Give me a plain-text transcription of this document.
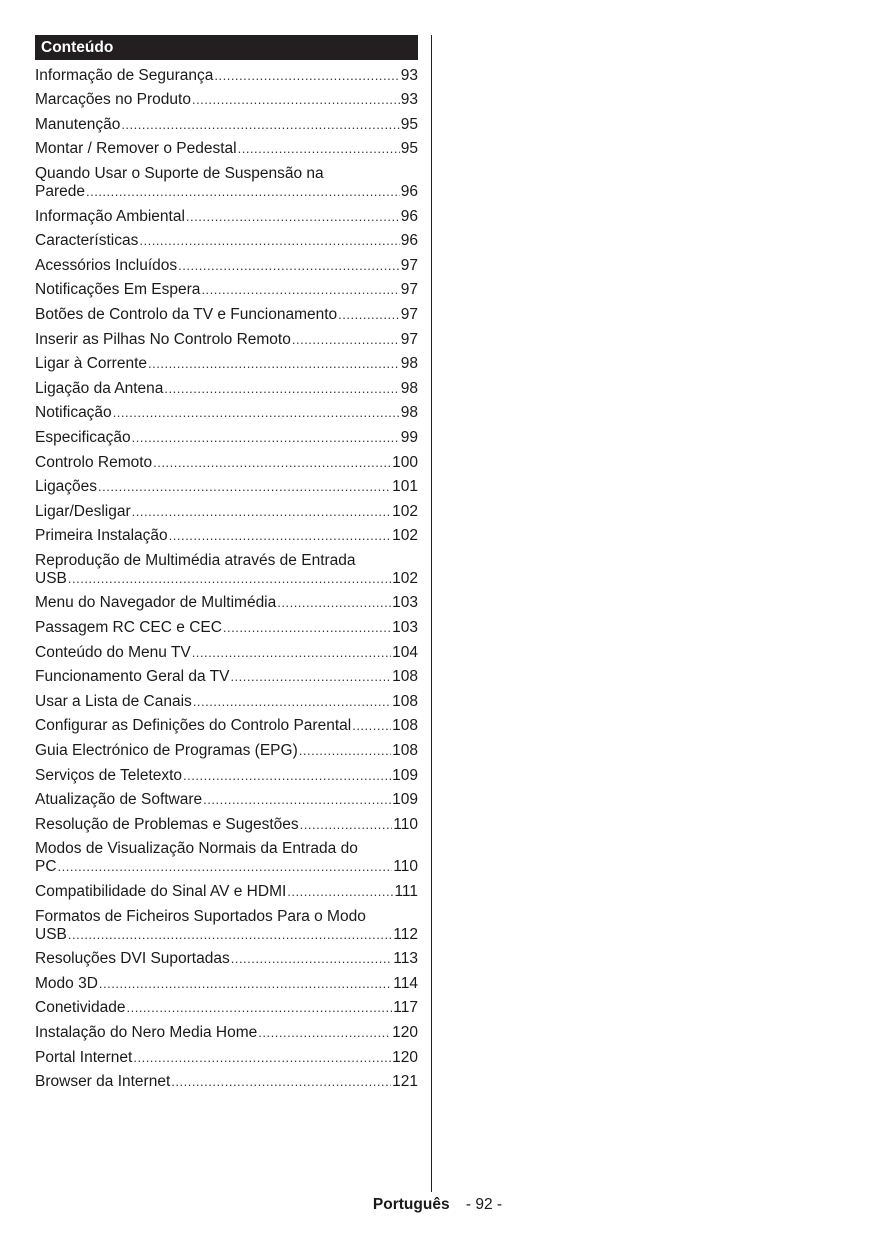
Conteúdo
Informação de Segurança .....	93
Marcações no Produto .....	93
Manutenção .....	95
Montar / Remover o Pedestal .....	95
Quando Usar o Suporte de Suspensão na
Parede .....	96
Informação Ambiental .....	96
Características .....	96
Acessórios Incluídos .....	97
Notificações Em Espera .....	97
Botões de Controlo da TV e Funcionamento .....	97
Inserir as Pilhas No Controlo Remoto .....	97
Ligar à Corrente .....	98
Ligação da Antena .....	98
Notificação .....	98
Especificação .....	99
Controlo Remoto .....	100
Ligações .....	101
Ligar/Desligar .....	102
Primeira Instalação .....	102
Reprodução de Multimédia através de Entrada
USB .....	102
Menu do Navegador de Multimédia .....	103
Passagem RC CEC e CEC .....	103
Conteúdo do Menu TV .....	104
Funcionamento Geral da TV .....	108
Usar a Lista de Canais .....	108
Configurar as Definições do Controlo Parental .....	108
Guia Electrónico de Programas (EPG) .....	108
Serviços de Teletexto .....	109
Atualização de Software .....	109
Resolução de Problemas e Sugestões .....	110
Modos de Visualização Normais da Entrada do
PC .....	110
Compatibilidade do Sinal AV e HDMI .....	111
Formatos de Ficheiros Suportados Para o Modo
USB .....	112
Resoluções DVI Suportadas .....	113
Modo 3D .....	114
Conetividade .....	117
Instalação do Nero Media Home .....	120
Portal Internet .....	120
Browser da Internet .....	121
Português - 92 -
